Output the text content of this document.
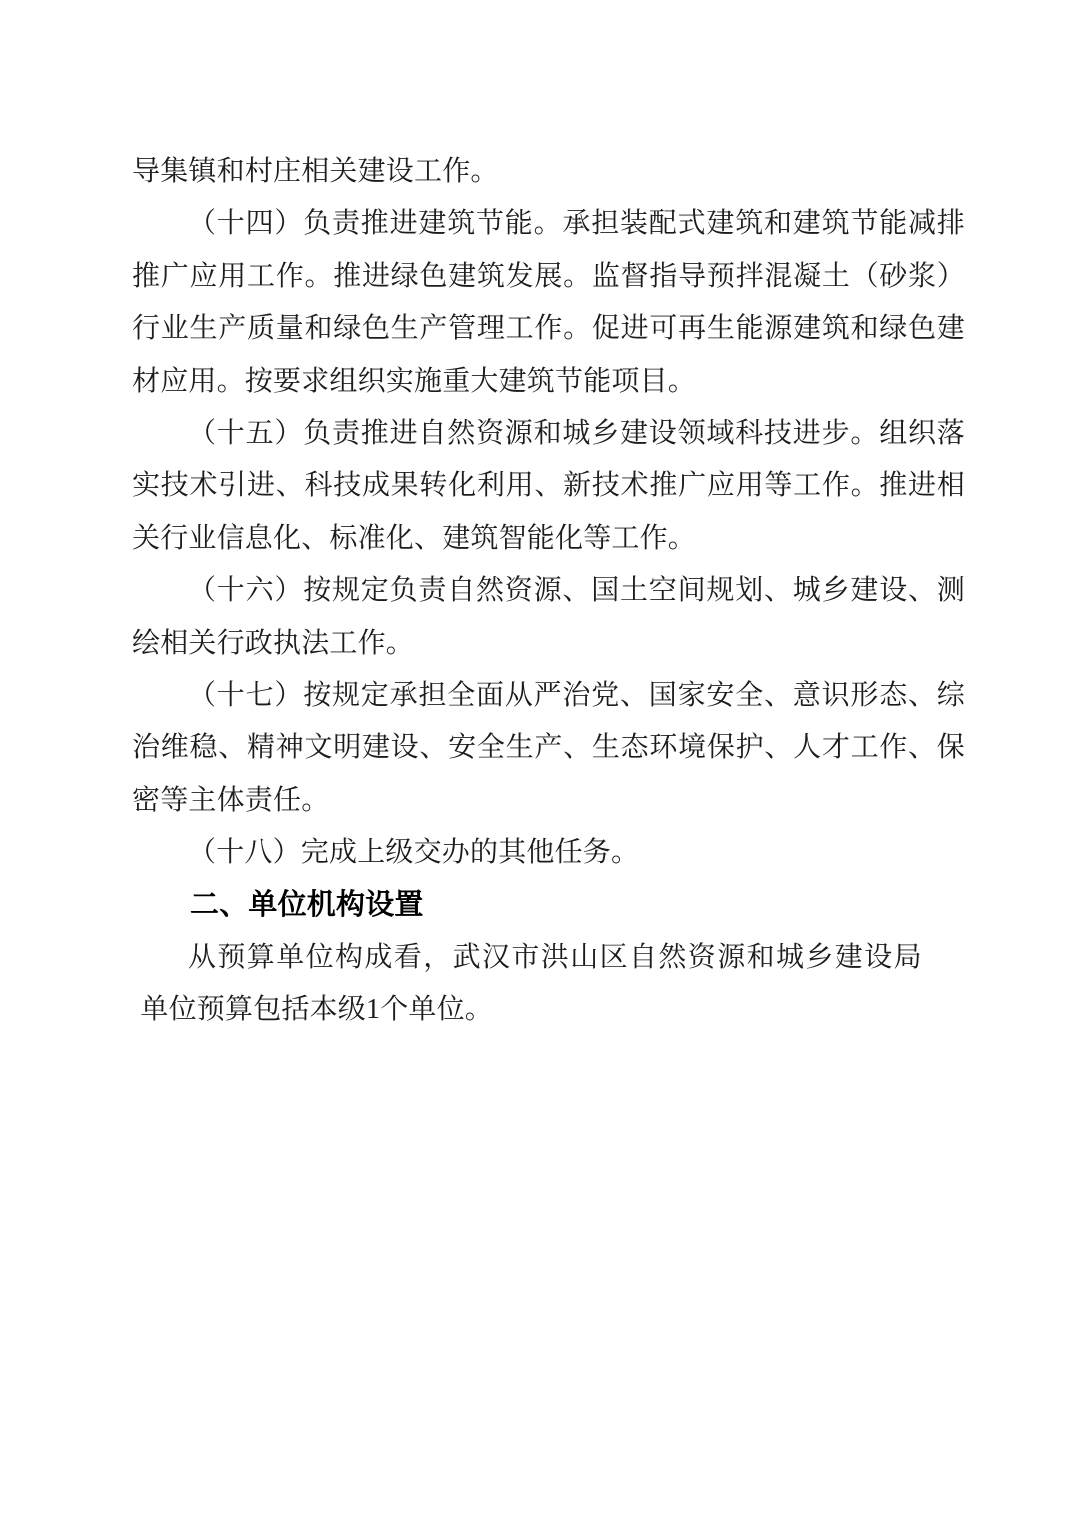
导集镇和村庄相关建设工作。
（十四）负责推进建筑节能。承担装配式建筑和建筑节能减排
推广应用工作。推进绿色建筑发展。监督指导预拌混凝土（砂浆）
行业生产质量和绿色生产管理工作。促进可再生能源建筑和绿色建
材应用。按要求组织实施重大建筑节能项目。
（十五）负责推进自然资源和城乡建设领域科技进步。组织落
实技术引进、科技成果转化利用、新技术推广应用等工作。推进相
关行业信息化、标准化、建筑智能化等工作。
（十六）按规定负责自然资源、国土空间规划、城乡建设、测
绘相关行政执法工作。
（十七）按规定承担全面从严治党、国家安全、意识形态、综
治维稳、精神文明建设、安全生产、生态环境保护、人才工作、保
密等主体责任。
（十八）完成上级交办的其他任务。
二、单位机构设置
从预算单位构成看，武汉市洪山区自然资源和城乡建设局
单位预算包括本级1个单位。
